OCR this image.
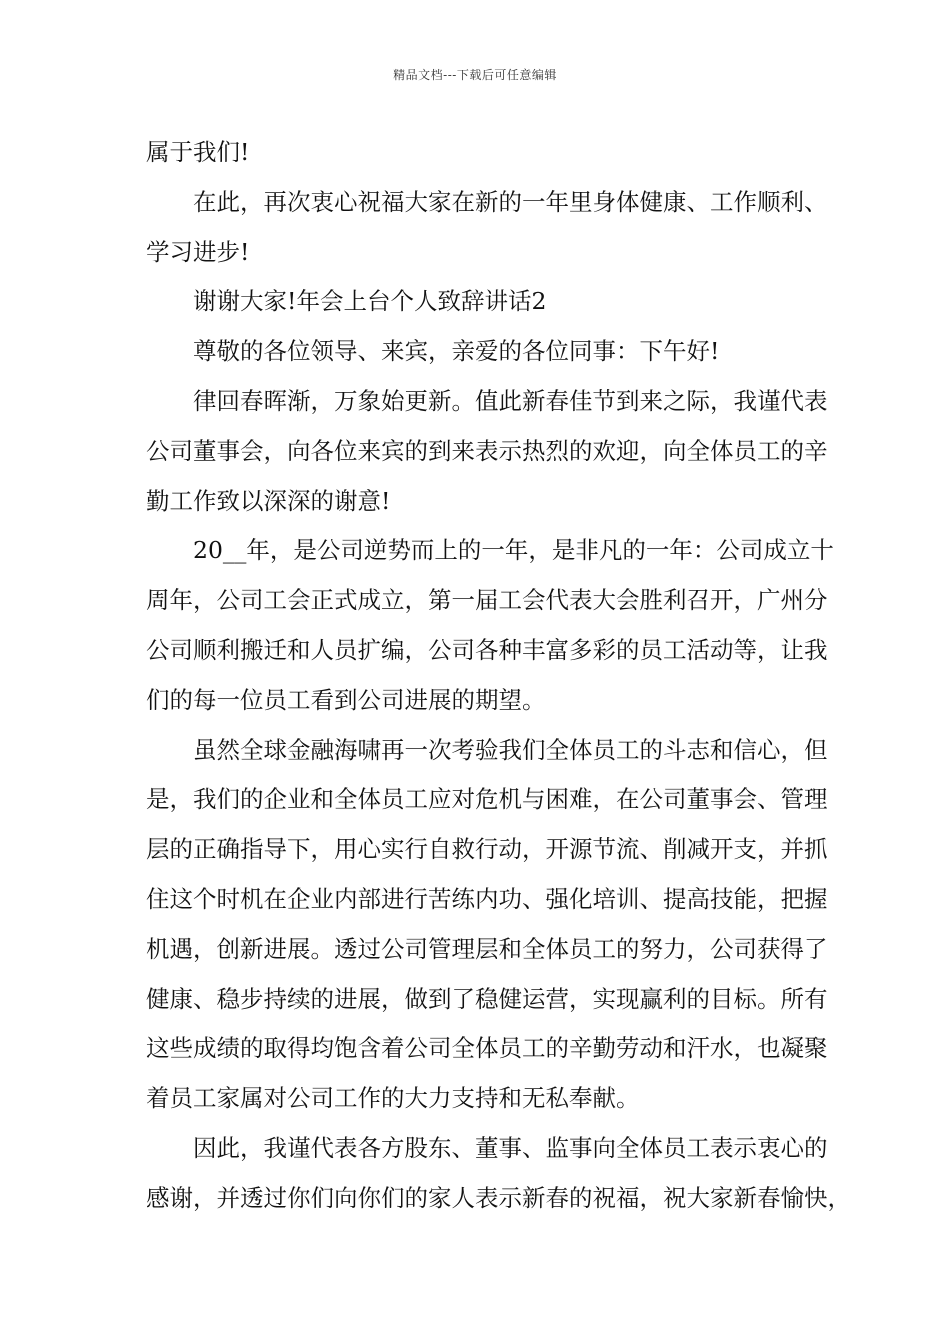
精品文档---下载后可任意编辑
属于我们!
在此，再次衷心祝福大家在新的一年里身体健康、工作顺利、
学习进步!
谢谢大家!年会上台个人致辞讲话2
尊敬的各位领导、来宾，亲爱的各位同事：下午好!
律回春晖渐，万象始更新。值此新春佳节到来之际，我谨代表
公司董事会，向各位来宾的到来表示热烈的欢迎，向全体员工的辛
勤工作致以深深的谢意!
20__年，是公司逆势而上的一年，是非凡的一年：公司成立十
周年，公司工会正式成立，第一届工会代表大会胜利召开，广州分
公司顺利搬迁和人员扩编，公司各种丰富多彩的员工活动等，让我
们的每一位员工看到公司进展的期望。
虽然全球金融海啸再一次考验我们全体员工的斗志和信心，但
是，我们的企业和全体员工应对危机与困难，在公司董事会、管理
层的正确指导下，用心实行自救行动，开源节流、削减开支，并抓
住这个时机在企业内部进行苦练内功、强化培训、提高技能，把握
机遇，创新进展。透过公司管理层和全体员工的努力，公司获得了
健康、稳步持续的进展，做到了稳健运营，实现赢利的目标。所有
这些成绩的取得均饱含着公司全体员工的辛勤劳动和汗水，也凝聚
着员工家属对公司工作的大力支持和无私奉献。
因此，我谨代表各方股东、董事、监事向全体员工表示衷心的
感谢，并透过你们向你们的家人表示新春的祝福，祝大家新春愉快，
